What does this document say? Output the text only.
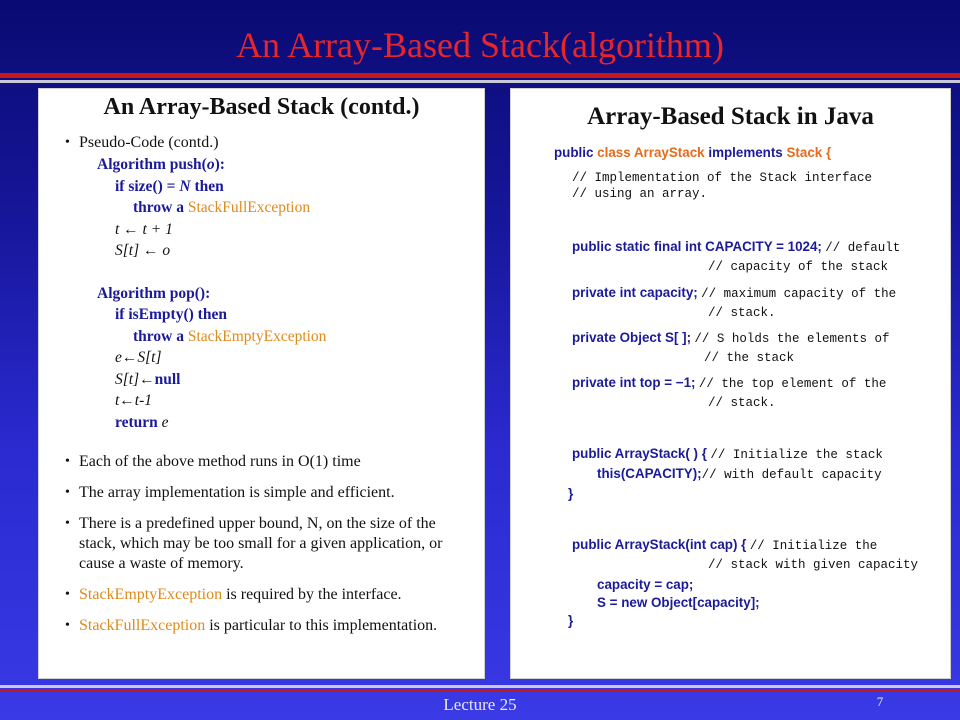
An Array-Based Stack(algorithm)
An Array-Based Stack (contd.)
• Pseudo-Code (contd.)
Algorithm push(o):
if size() = N then
throw a StackFullException
t ← t + 1
S[t] ← o
Algorithm pop():
if isEmpty() then
throw a StackEmptyException
e←S[t]
S[t]←null
t←t-1
return e
• Each of the above method runs in O(1) time
• The array implementation is simple and efficient.
• There is a predefined upper bound, N, on the size of the stack, which may be too small for a given application, or cause a waste of memory.
• StackEmptyException is required by the interface.
• StackFullException is particular to this implementation.
Array-Based Stack in Java
public class ArrayStack implements Stack {
// Implementation of the Stack interface
// using an array.
public static final int CAPACITY = 1024; // default
// capacity of the stack
private int capacity; // maximum capacity of the
// stack.
private Object S[ ]; // S holds the elements of
// the stack
private int top = −1; // the top element of the
// stack.
public ArrayStack( ) { // Initialize the stack
this(CAPACITY);// with default capacity
}
public ArrayStack(int cap) { // Initialize the
// stack with given capacity
capacity = cap;
S = new Object[capacity];
}
Lecture 25	7
